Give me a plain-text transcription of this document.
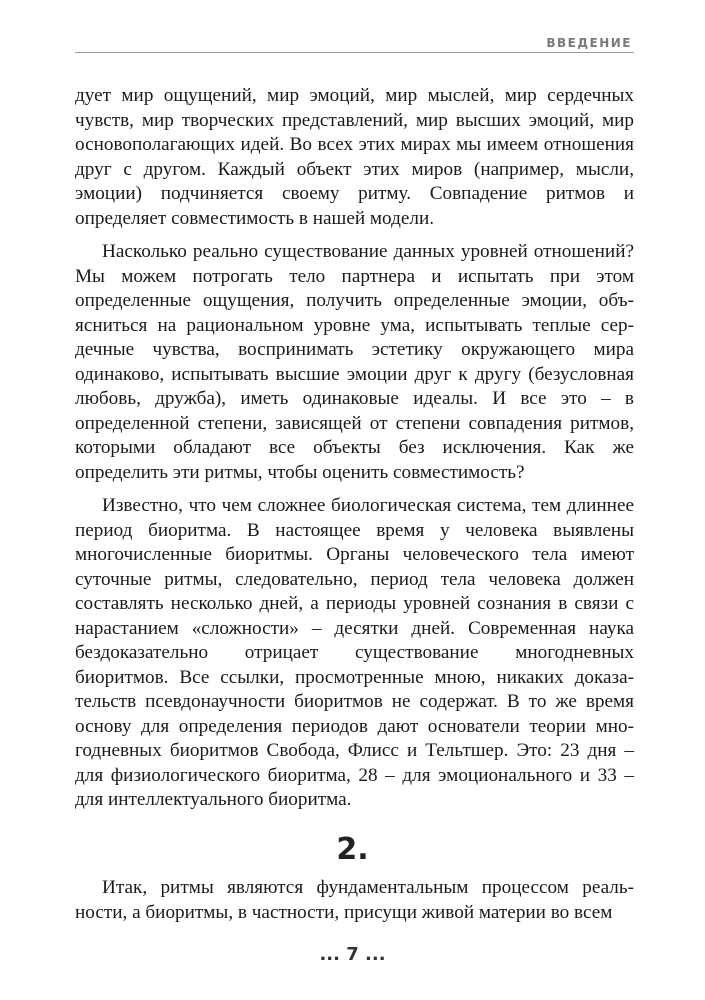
ВВЕДЕНИЕ

дует мир ощущений, мир эмоций, мир мыслей, мир сердечных чувств, мир творческих представлений, мир высших эмоций, мир основополагающих идей. Во всех этих мирах мы имеем отношения друг с другом. Каждый объект этих миров (например, мысли, эмоции) подчиняется своему ритму. Совпадение ритмов и определяет совместимость в нашей модели.

Насколько реально существование данных уровней отношений? Мы можем потрогать тело партнера и испытать при этом определенные ощущения, получить определенные эмоции, объясниться на рациональном уровне ума, испытывать теплые сердечные чувства, воспринимать эстетику окружающего мира одинаково, испытывать высшие эмоции друг к другу (безусловная любовь, дружба), иметь одинаковые идеалы. И все это – в определенной степени, зависящей от степени совпадения ритмов, которыми обладают все объекты без исключения. Как же определить эти ритмы, чтобы оценить совместимость?

Известно, что чем сложнее биологическая система, тем длиннее период биоритма. В настоящее время у человека выявлены многочисленные биоритмы. Органы человеческого тела имеют суточные ритмы, следовательно, период тела человека должен составлять несколько дней, а периоды уровней сознания в связи с нарастанием «сложности» – десятки дней. Современная наука бездоказательно отрицает существование многодневных биоритмов. Все ссылки, просмотренные мною, никаких доказательств псевдонаучности биоритмов не содержат. В то же время основу для определения периодов дают основатели теории многодневных биоритмов Свобода, Флисс и Тельтшер. Это: 23 дня – для физиологического биоритма, 28 – для эмоционального и 33 – для интеллектуального биоритма.

2.

Итак, ритмы являются фундаментальным процессом реальности, а биоритмы, в частности, присущи живой материи во всем

... 7 ...
